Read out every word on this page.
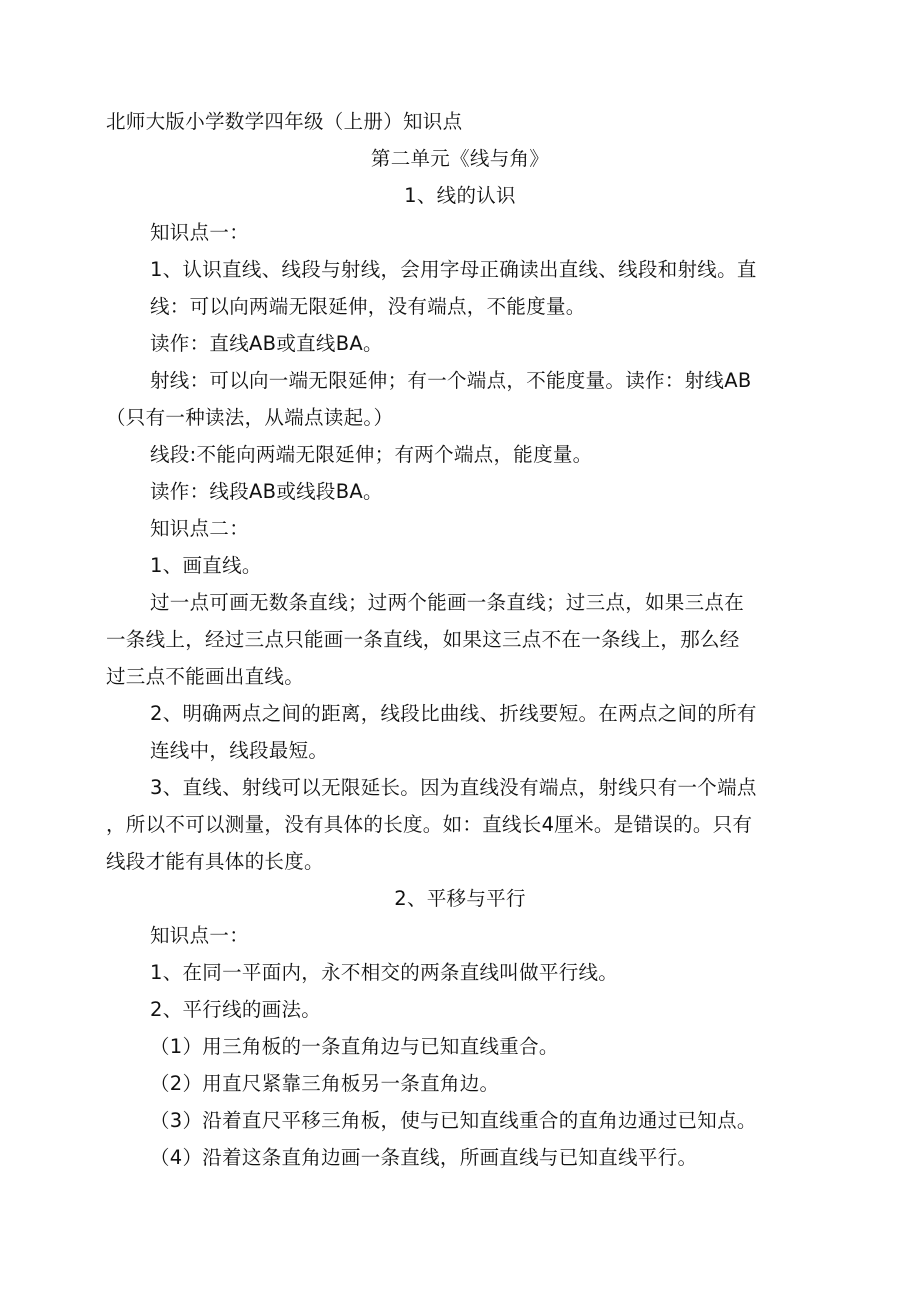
北师大版小学数学四年级（上册）知识点
第二单元《线与角》
1、线的认识
知识点一：
1、认识直线、线段与射线，会用字母正确读出直线、线段和射线。直
线：可以向两端无限延伸，没有端点，不能度量。
读作：直线AB或直线BA。
射线：可以向一端无限延伸；有一个端点，不能度量。读作：射线AB
（只有一种读法，从端点读起。）
线段:不能向两端无限延伸；有两个端点，能度量。
读作：线段AB或线段BA。
知识点二：
1、画直线。
过一点可画无数条直线；过两个能画一条直线；过三点，如果三点在
一条线上，经过三点只能画一条直线，如果这三点不在一条线上，那么经
过三点不能画出直线。
2、明确两点之间的距离，线段比曲线、折线要短。在两点之间的所有
连线中，线段最短。
3、直线、射线可以无限延长。因为直线没有端点，射线只有一个端点
，所以不可以测量，没有具体的长度。如：直线长4厘米。是错误的。只有
线段才能有具体的长度。
2、平移与平行
知识点一：
1、在同一平面内，永不相交的两条直线叫做平行线。
2、平行线的画法。
（1）用三角板的一条直角边与已知直线重合。
（2）用直尺紧靠三角板另一条直角边。
（3）沿着直尺平移三角板，使与已知直线重合的直角边通过已知点。
（4）沿着这条直角边画一条直线，所画直线与已知直线平行。
